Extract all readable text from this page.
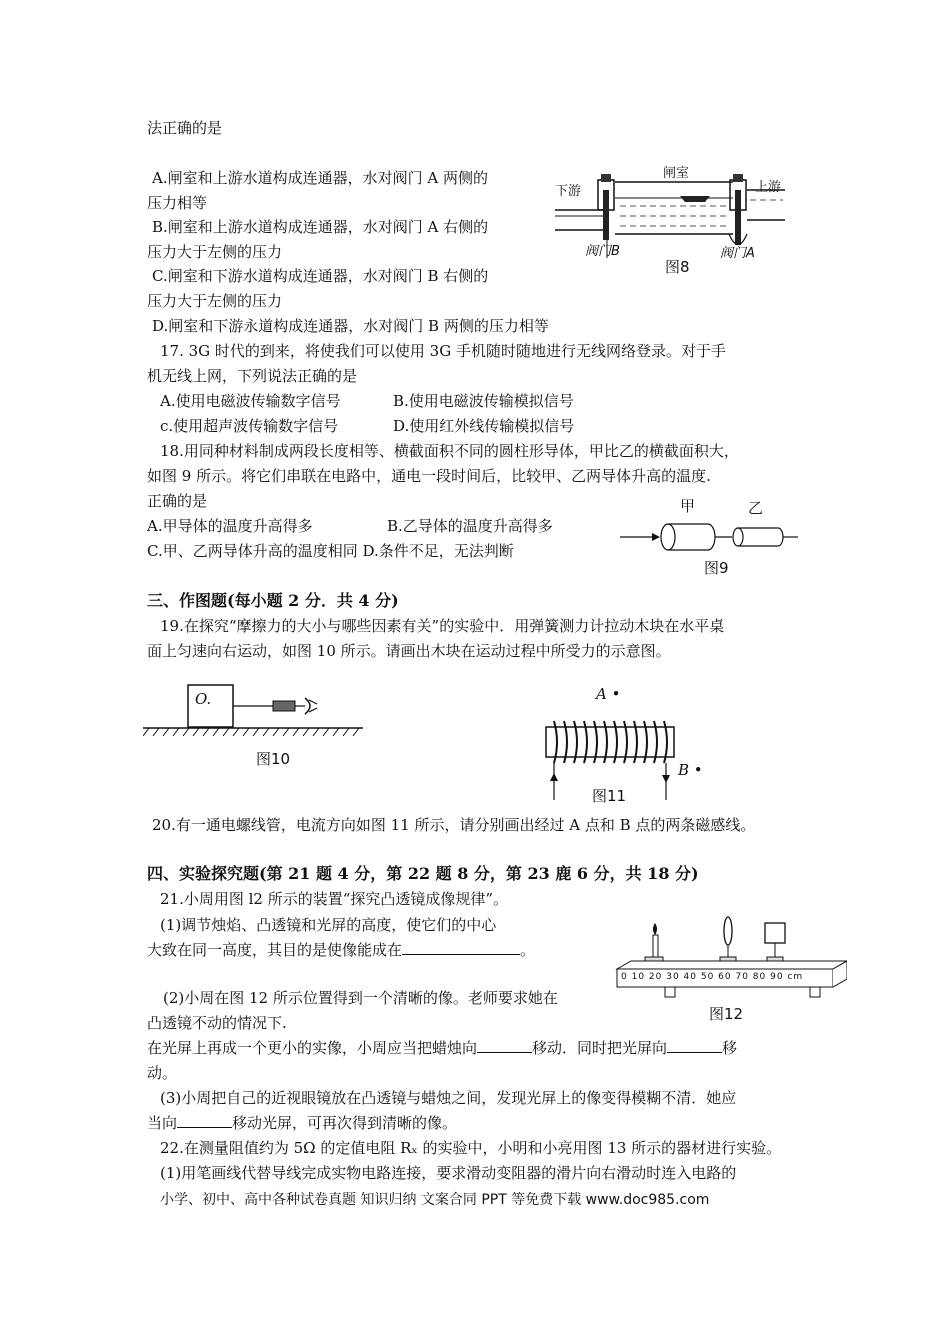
法正确的是
A.闸室和上游水道构成连通器，水对阀门 A 两侧的
压力相等
B.闸室和上游水道构成连通器，水对阀门 A 右侧的
压力大于左侧的压力
C.闸室和下游水道构成连通器，水对阀门 B 右侧的
压力大于左侧的压力
D.闸室和下游永道构成连通器，水对阀门 B 两侧的压力相等
17. 3G 时代的到来，将使我们可以使用 3G 手机随时随地进行无线网络登录。对于手
机无线上网，下列说法正确的是
A.使用电磁波传输数字信号	B.使用电磁波传输模拟信号
c.使用超声波传输数字信号	D.使用红外线传输模拟信号
18.用同种材料制成两段长度相等、横截面积不同的圆柱形导体，甲比乙的横截面积大，
如图 9 所示。将它们串联在电路中，通电一段时间后，比较甲、乙两导体升高的温度.
正确的是
A.甲导体的温度升高得多	B.乙导体的温度升高得多
C.甲、乙两导体升高的温度相同 D.条件不足，无法判断
三、作图题(每小题 2 分．共 4 分)
19.在探究“摩擦力的大小与哪些因素有关”的实验中．用弹簧测力计拉动木块在水平桌
面上匀速向右运动，如图 10 所示。请画出木块在运动过程中所受力的示意图。
20.有一通电螺线管，电流方向如图 11 所示，请分别画出经过 A 点和 B 点的两条磁感线。
四、实验探究题(第 21 题 4 分，第 22 题 8 分，第 23 鹿 6 分，共 18 分)
21.小周用图 l2 所示的装置“探究凸透镜成像规律”。
(1)调节烛焰、凸透镜和光屏的高度，使它们的中心
大致在同一高度，其目的是使像能成在	。
(2)小周在图 12 所示位置得到一个清晰的像。老师要求她在
凸透镜不动的情况下.
在光屏上再成一个更小的实像，小周应当把蜡烛向	移动．同时把光屏向	移
动。
(3)小周把自己的近视眼镜放在凸透镜与蜡烛之间，发现光屏上的像变得模糊不清．她应
当向	移动光屏，可再次得到清晰的像。
22.在测量阻值约为 5Ω 的定值电阻 Rₓ 的实验中，小明和小亮用图 13 所示的器材进行实验。
(1)用笔画线代替导线完成实物电路连接，要求滑动变阻器的滑片向右滑动时连入电路的
小学、初中、高中各种试卷真题 知识归纳 文案合同 PPT 等免费下载 www.doc985.com
闸室
下游	上游
阀门B	阀门A
图8
甲	乙
图9
O.
图10
A •
B •
图11
0 10 20 30 40 50 60 70 80 90 cm
图12
